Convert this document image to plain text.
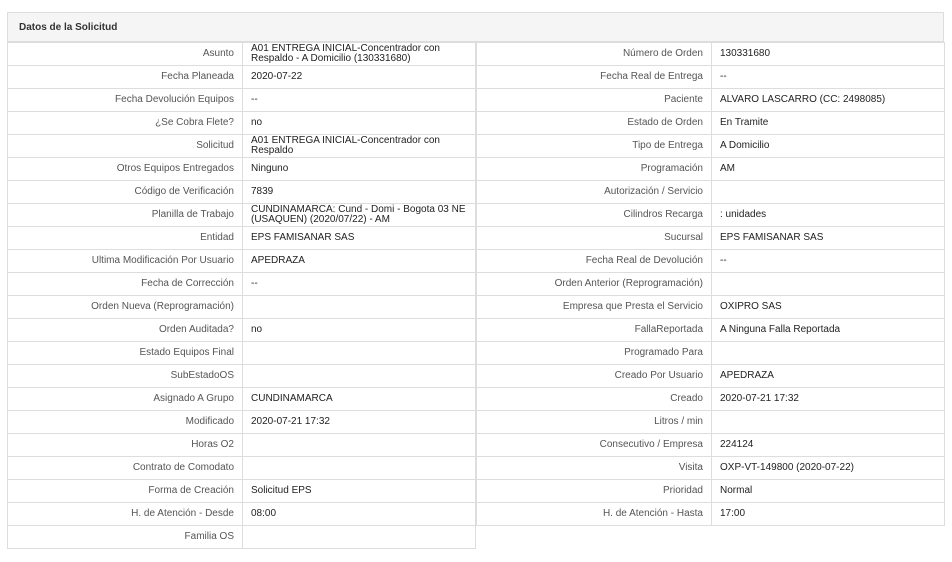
Datos de la Solicitud
Asunto	A01 ENTREGA INICIAL-Concentrador con Respaldo - A Domicilio (130331680)
Fecha Planeada	2020-07-22
Fecha Devolución Equipos	--
¿Se Cobra Flete?	no
Solicitud	A01 ENTREGA INICIAL-Concentrador con Respaldo
Otros Equipos Entregados	Ninguno
Código de Verificación	7839
Planilla de Trabajo	CUNDINAMARCA: Cund - Domi - Bogota 03 NE (USAQUEN) (2020/07/22) - AM
Entidad	EPS FAMISANAR SAS
Ultima Modificación Por Usuario	APEDRAZA
Fecha de Corrección	--
Orden Nueva (Reprogramación)	
Orden Auditada?	no
Estado Equipos Final	
SubEstadoOS	
Asignado A Grupo	CUNDINAMARCA
Modificado	2020-07-21 17:32
Horas O2	
Contrato de Comodato	
Forma de Creación	Solicitud EPS
H. de Atención - Desde	08:00
Familia OS	
Número de Orden	130331680
Fecha Real de Entrega	--
Paciente	ALVARO LASCARRO (CC: 2498085)
Estado de Orden	En Tramite
Tipo de Entrega	A Domicilio
Programación	AM
Autorización / Servicio	
Cilindros Recarga	: unidades
Sucursal	EPS FAMISANAR SAS
Fecha Real de Devolución	--
Orden Anterior (Reprogramación)	
Empresa que Presta el Servicio	OXIPRO SAS
FallaReportada	A Ninguna Falla Reportada
Programado Para	
Creado Por Usuario	APEDRAZA
Creado	2020-07-21 17:32
Litros / min	
Consecutivo / Empresa	224124
Visita	OXP-VT-149800 (2020-07-22)
Prioridad	Normal
H. de Atención - Hasta	17:00
